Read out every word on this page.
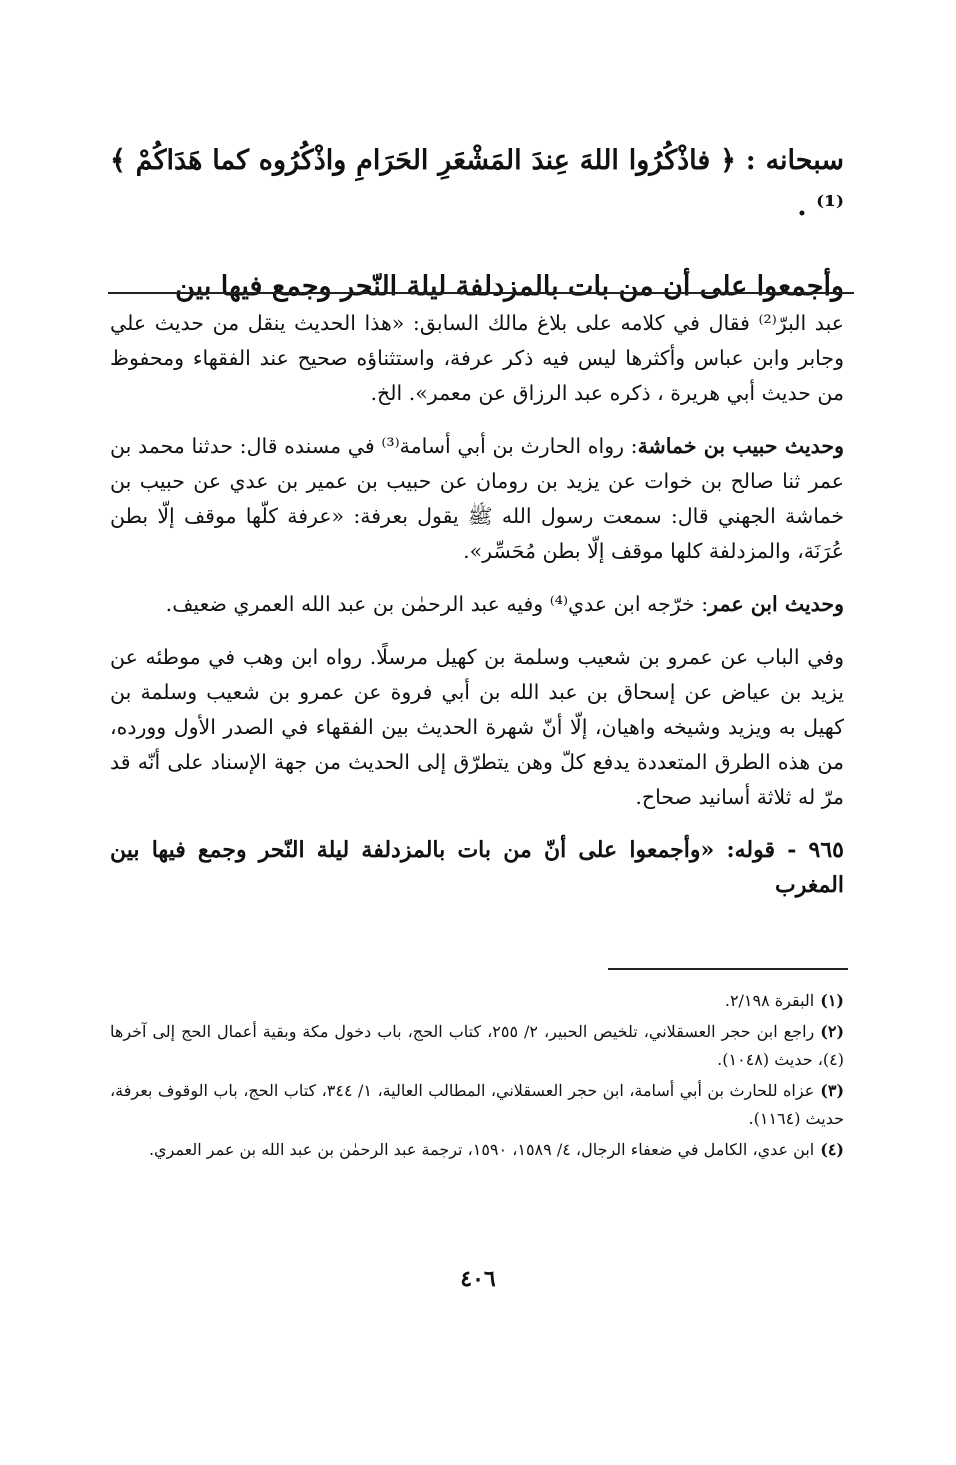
سبحانه : ﴿ فاذْكُرُوا اللهَ عِندَ المَشْعَرِ الحَرَامِ واذْكُرُوه كما هَدَاكُمْ ﴾⁽¹⁾ .
وأجمعوا على أن من بات بالمزدلفة ليلة النّحر وجمع فيها بين

عبد البرّ⁽²⁾ فقال في كلامه على بلاغ مالك السابق: «هذا الحديث ينقل من حديث علي وجابر وابن عباس وأكثرها ليس فيه ذكر عرفة، واستثناؤه صحيح عند الفقهاء ومحفوظ من حديث أبي هريرة ، ذكره عبد الرزاق عن معمر». الخ.

وحديث حبيب بن خماشة: رواه الحارث بن أبي أسامة⁽³⁾ في مسنده قال: حدثنا محمد بن عمر ثنا صالح بن خوات عن يزيد بن رومان عن حبيب بن عمير بن عدي عن حبيب بن خماشة الجهني قال: سمعت رسول الله ﷺ يقول بعرفة: «عرفة كلّها موقف إلّا بطن عُرَنَة، والمزدلفة كلها موقف إلّا بطن مُحَسِّر».

وحديث ابن عمر: خرّجه ابن عدي⁽⁴⁾ وفيه عبد الرحمٰن بن عبد الله العمري ضعيف.

وفي الباب عن عمرو بن شعيب وسلمة بن كهيل مرسلًا. رواه ابن وهب في موطئه عن يزيد بن عياض عن إسحاق بن عبد الله بن أبي فروة عن عمرو بن شعيب وسلمة بن كهيل به ويزيد وشيخه واهيان، إلّا أنّ شهرة الحديث بين الفقهاء في الصدر الأول وورده، من هذه الطرق المتعددة يدفع كلّ وهن يتطرّق إلى الحديث من جهة الإسناد على أنّه قد مرّ له ثلاثة أسانيد صحاح.

٩٦٥ - قوله: «وأجمعوا على أنّ من بات بالمزدلفة ليلة النّحر وجمع فيها بين المغرب

(١)البقرة ٢/١٩٨.

(٢)راجع ابن حجر العسقلاني، تلخيص الحبير، ٢/ ٢٥٥، كتاب الحج، باب دخول مكة وبقية أعمال الحج إلى آخرها (٤)، حديث (١٠٤٨).

(٣)عزاه للحارث بن أبي أسامة، ابن حجر العسقلاني، المطالب العالية، ١/ ٣٤٤، كتاب الحج، باب الوقوف بعرفة، حديث (١١٦٤).

(٤)ابن عدي، الكامل في ضعفاء الرجال، ٤/ ١٥٨٩، ١٥٩٠، ترجمة عبد الرحمٰن بن عبد الله بن عمر العمري.

٤٠٦
